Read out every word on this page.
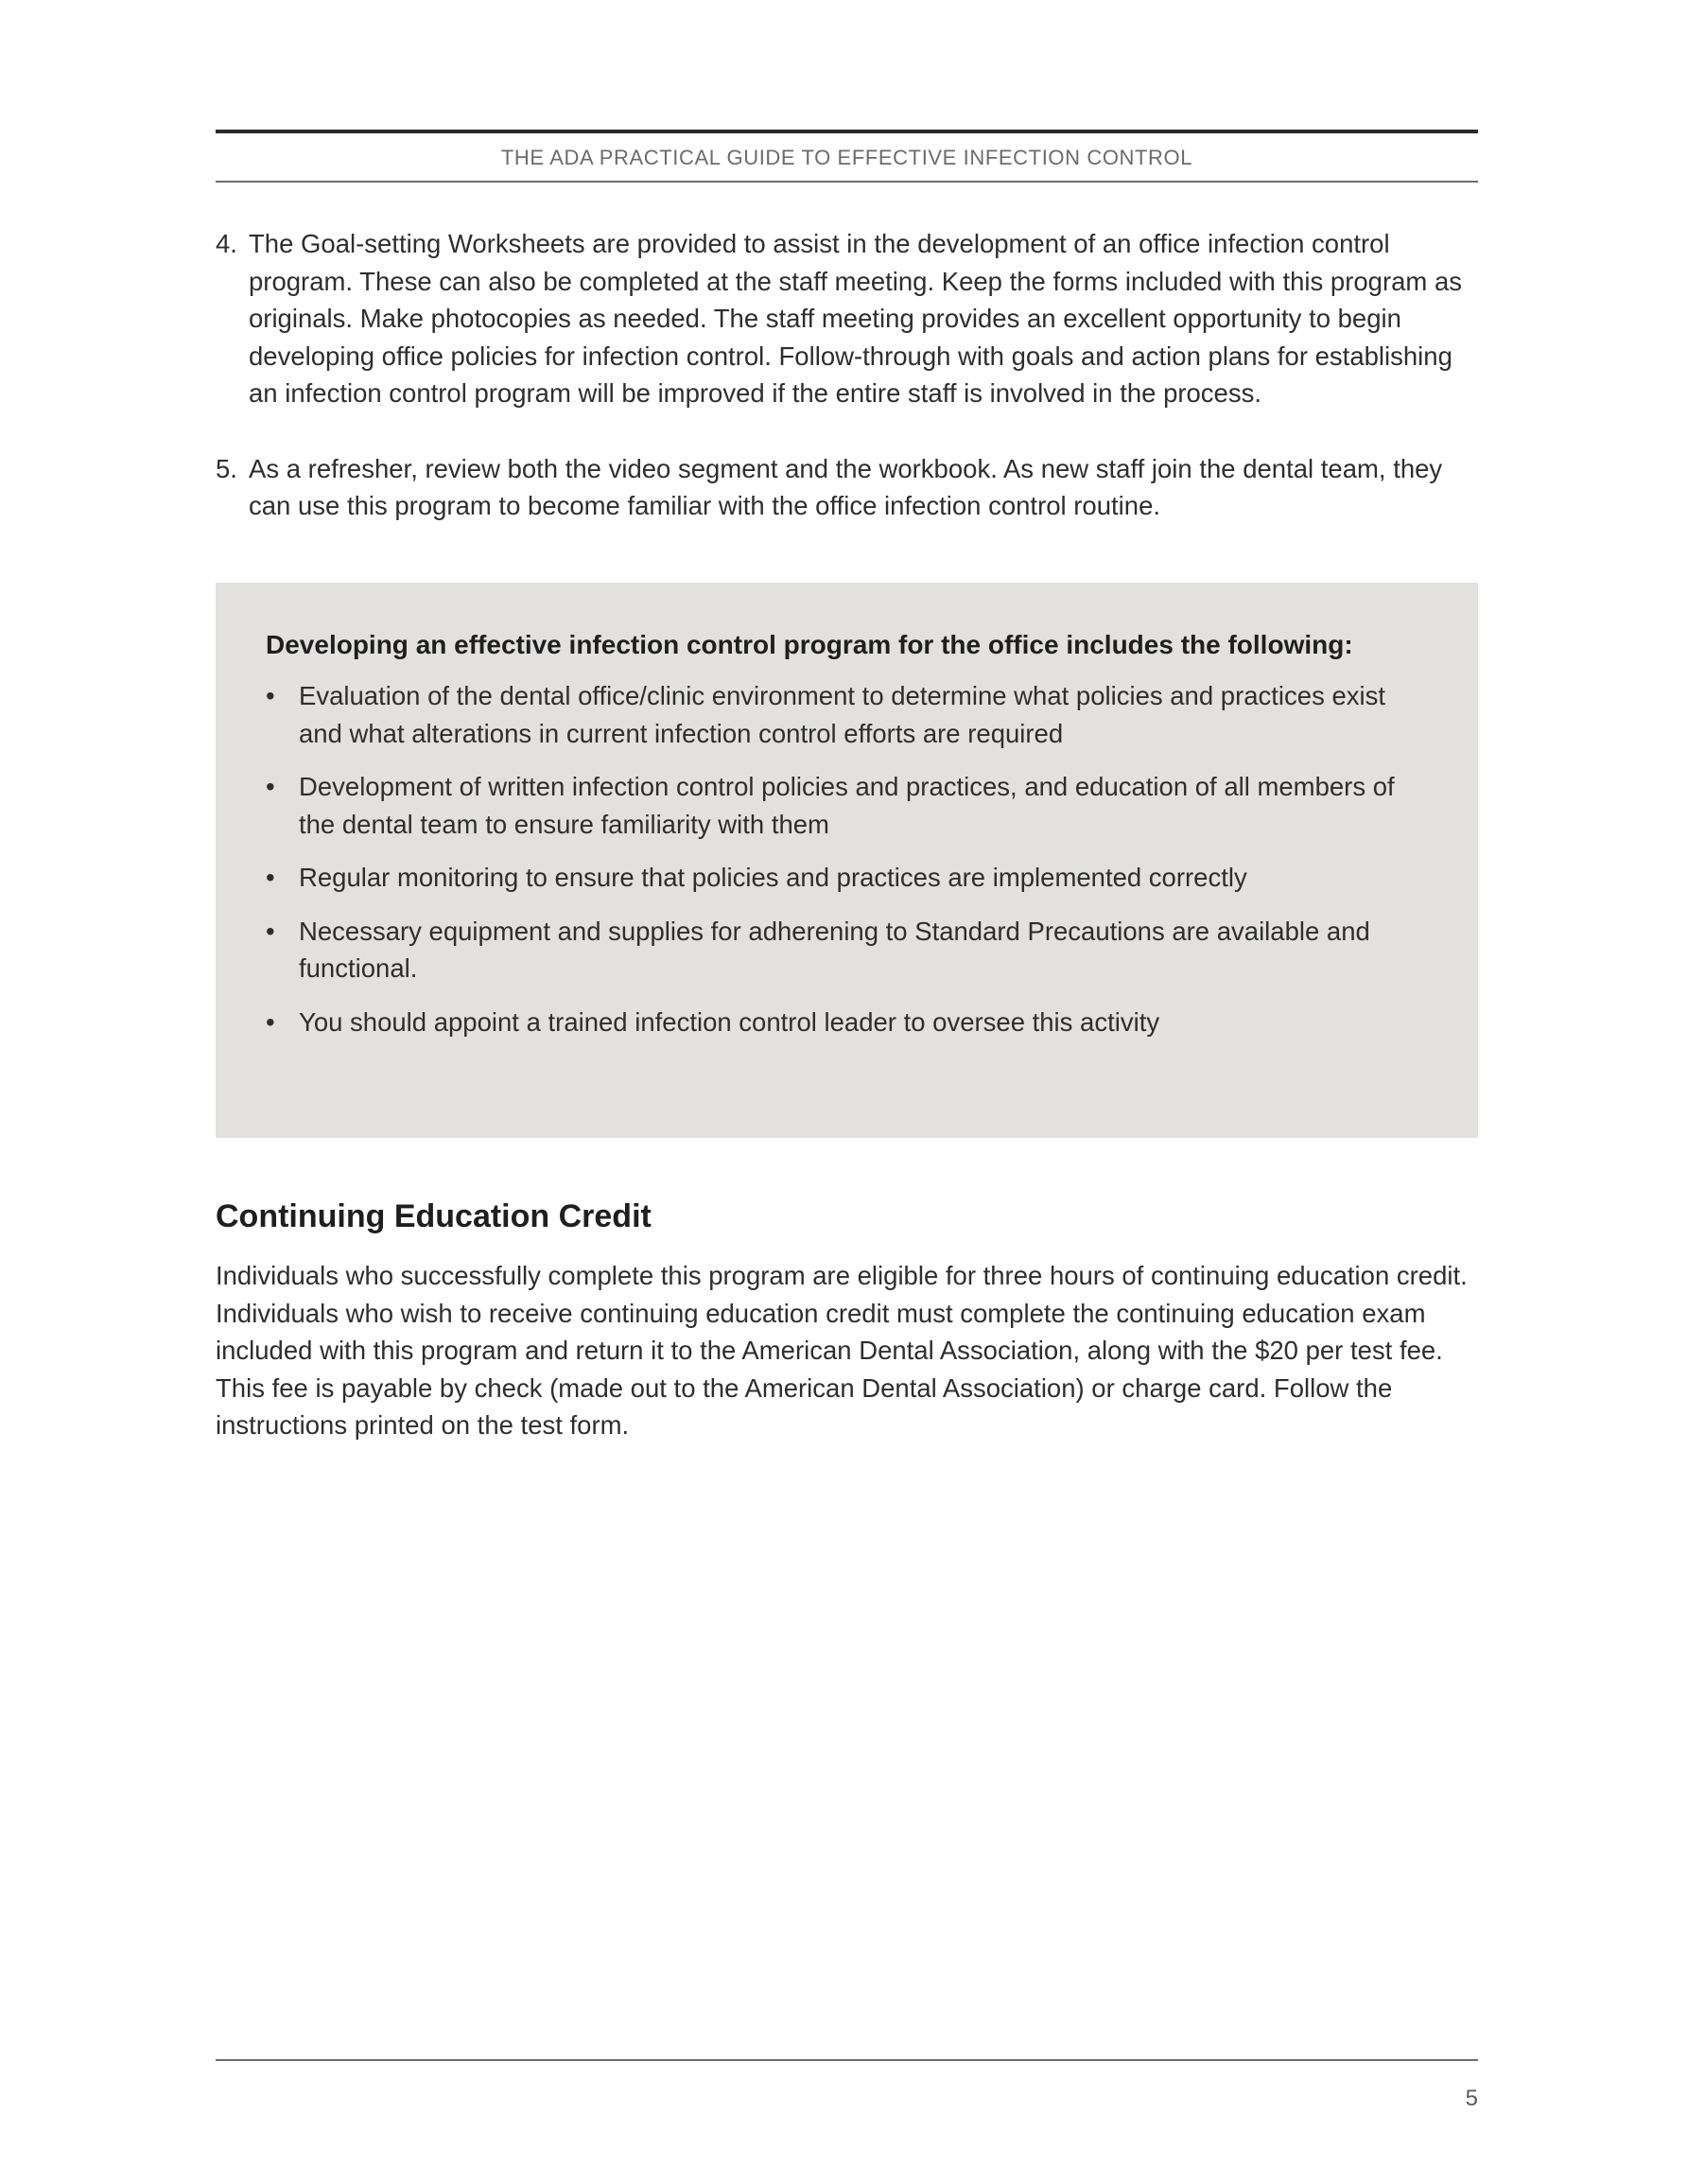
THE ADA PRACTICAL GUIDE TO EFFECTIVE INFECTION CONTROL
4. The Goal-setting Worksheets are provided to assist in the development of an office infection control program. These can also be completed at the staff meeting. Keep the forms included with this program as originals. Make photocopies as needed. The staff meeting provides an excellent opportunity to begin developing office policies for infection control. Follow-through with goals and action plans for establishing an infection control program will be improved if the entire staff is involved in the process.
5. As a refresher, review both the video segment and the workbook. As new staff join the dental team, they can use this program to become familiar with the office infection control routine.

Developing an effective infection control program for the office includes the following:

• Evaluation of the dental office/clinic environment to determine what policies and practices exist and what alterations in current infection control efforts are required
• Development of written infection control policies and practices, and education of all members of the dental team to ensure familiarity with them
• Regular monitoring to ensure that policies and practices are implemented correctly
• Necessary equipment and supplies for adherening to Standard Precautions are available and functional.
• You should appoint a trained infection control leader to oversee this activity
Continuing Education Credit

Individuals who successfully complete this program are eligible for three hours of continuing education credit. Individuals who wish to receive continuing education credit must complete the continuing education exam included with this program and return it to the American Dental Association, along with the $20 per test fee. This fee is payable by check (made out to the American Dental Association) or charge card. Follow the instructions printed on the test form.

5
